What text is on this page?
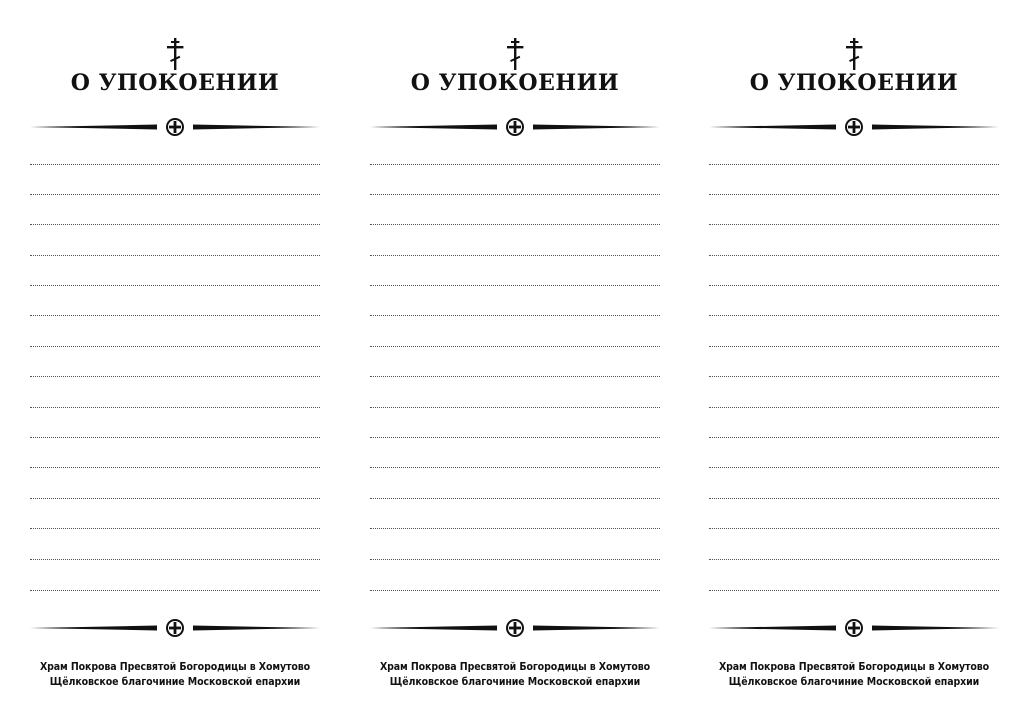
О УПОКОЕНИИ
Храм Покрова Пресвятой Богородицы в Хомутово
Щёлковское благочиние Московской епархии
О УПОКОЕНИИ
Храм Покрова Пресвятой Богородицы в Хомутово
Щёлковское благочиние Московской епархии
О УПОКОЕНИИ
Храм Покрова Пресвятой Богородицы в Хомутово
Щёлковское благочиние Московской епархии
